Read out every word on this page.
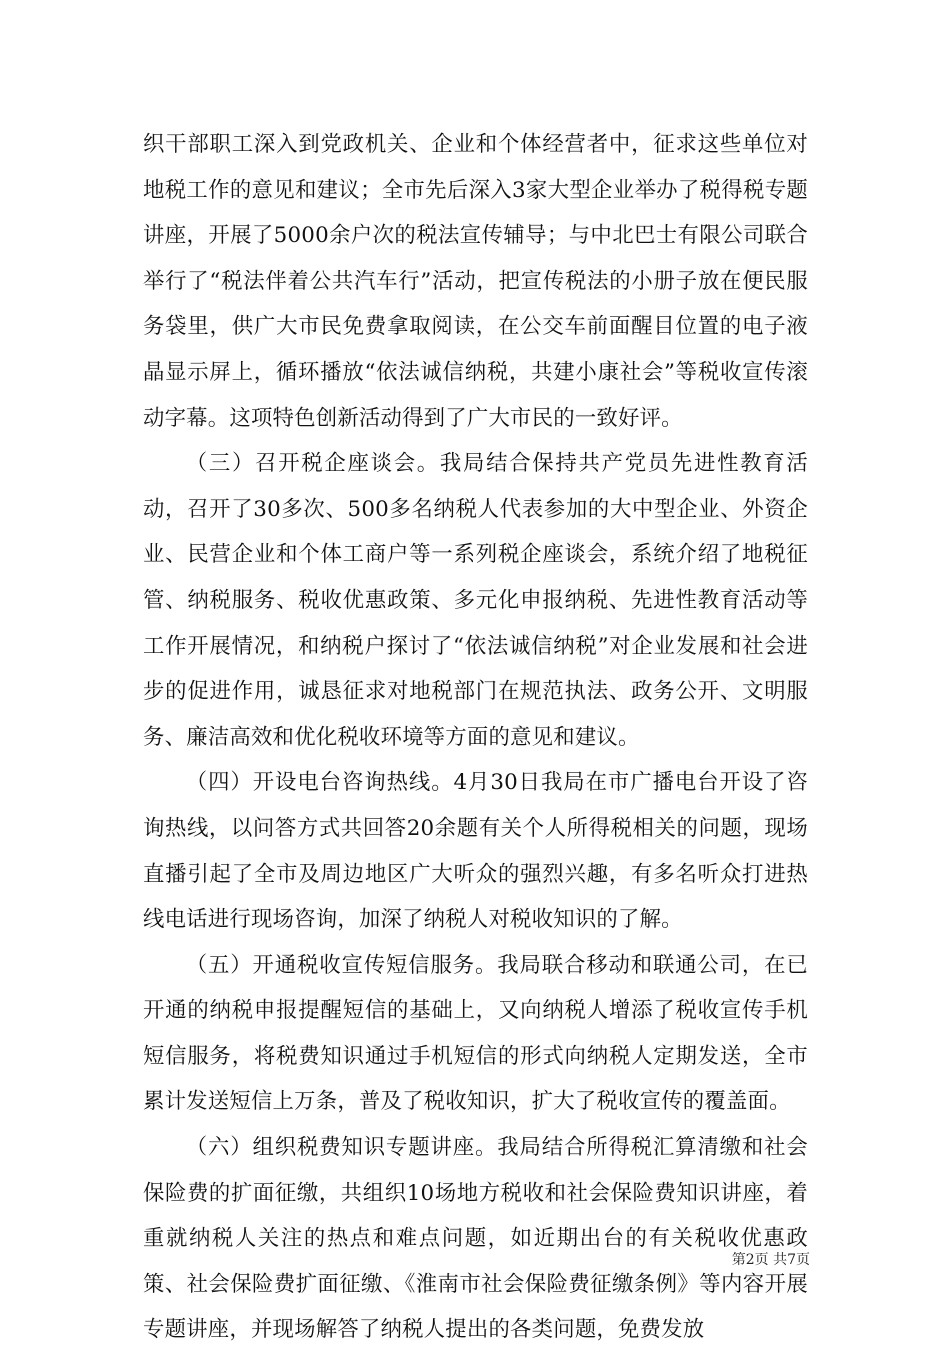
织干部职工深入到党政机关、企业和个体经营者中，征求这些单位对地税工作的意见和建议；全市先后深入3家大型企业举办了税得税专题讲座，开展了5000余户次的税法宣传辅导；与中北巴士有限公司联合举行了“税法伴着公共汽车行”活动，把宣传税法的小册子放在便民服务袋里，供广大市民免费拿取阅读，在公交车前面醒目位置的电子液晶显示屏上，循环播放“依法诚信纳税，共建小康社会”等税收宣传滚动字幕。这项特色创新活动得到了广大市民的一致好评。

（三）召开税企座谈会。我局结合保持共产党员先进性教育活动，召开了30多次、500多名纳税人代表参加的大中型企业、外资企业、民营企业和个体工商户等一系列税企座谈会，系统介绍了地税征管、纳税服务、税收优惠政策、多元化申报纳税、先进性教育活动等工作开展情况，和纳税户探讨了“依法诚信纳税”对企业发展和社会进步的促进作用，诚恳征求对地税部门在规范执法、政务公开、文明服务、廉洁高效和优化税收环境等方面的意见和建议。

（四）开设电台咨询热线。4月30日我局在市广播电台开设了咨询热线，以问答方式共回答20余题有关个人所得税相关的问题，现场直播引起了全市及周边地区广大听众的强烈兴趣，有多名听众打进热线电话进行现场咨询，加深了纳税人对税收知识的了解。

（五）开通税收宣传短信服务。我局联合移动和联通公司，在已开通的纳税申报提醒短信的基础上，又向纳税人增添了税收宣传手机短信服务，将税费知识通过手机短信的形式向纳税人定期发送，全市累计发送短信上万条，普及了税收知识，扩大了税收宣传的覆盖面。

（六）组织税费知识专题讲座。我局结合所得税汇算清缴和社会保险费的扩面征缴，共组织10场地方税收和社会保险费知识讲座，着重就纳税人关注的热点和难点问题，如近期出台的有关税收优惠政策、社会保险费扩面征缴、《淮南市社会保险费征缴条例》等内容开展专题讲座，并现场解答了纳税人提出的各类问题，免费发放

第2页 共7页
